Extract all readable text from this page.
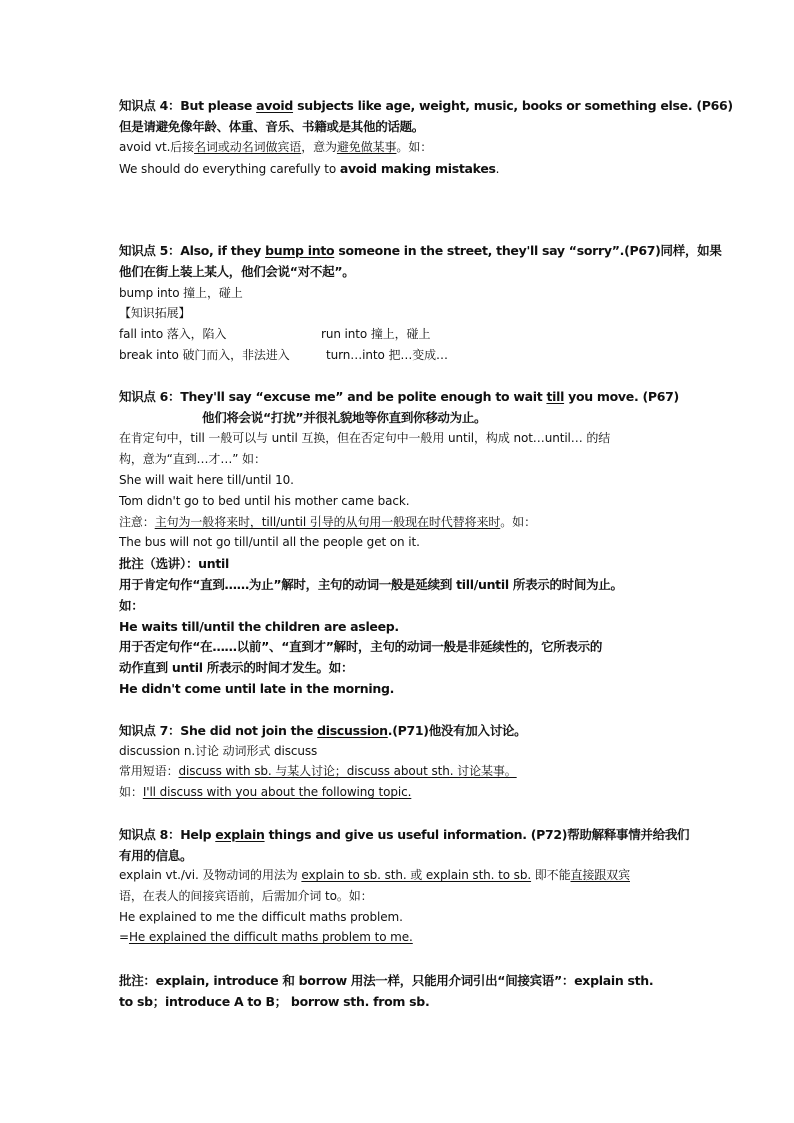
知识点 4：But please avoid subjects like age, weight, music, books or something else. (P66)
但是请避免像年龄、体重、音乐、书籍或是其他的话题。
avoid vt.后接名词或动名词做宾语，意为避免做某事。如：
We should do everything carefully to avoid making mistakes.
知识点 5：Also, if they bump into someone in the street, they'll say “sorry”.(P67)同样，如果
他们在街上装上某人，他们会说“对不起”。
bump into 撞上，碰上
【知识拓展】
fall into 落入，陷入	run into 撞上，碰上
break into 破门而入，非法进入	turn…into 把…变成…
知识点 6：They'll say “excuse me” and be polite enough to wait till you move. (P67)
他们将会说“打扰”并很礼貌地等你直到你移动为止。
在肯定句中，till 一般可以与 until 互换，但在否定句中一般用 until，构成 not…until… 的结
构，意为“直到…才…” 如：
She will wait here till/until 10.
Tom didn't go to bed until his mother came back.
注意：主句为一般将来时，till/until 引导的从句用一般现在时代替将来时。如：
The bus will not go till/until all the people get on it.
批注（选讲）：until
用于肯定句作“直到……为止”解时，主句的动词一般是延续到 till/until 所表示的时间为止。
如：
He waits till/until the children are asleep.
用于否定句作“在……以前”、“直到才”解时，主句的动词一般是非延续性的，它所表示的
动作直到 until 所表示的时间才发生。如：
He didn't come until late in the morning.
知识点 7：She did not join the discussion.(P71)他没有加入讨论。
discussion n.讨论 动词形式 discuss
常用短语：discuss with sb. 与某人讨论；discuss about sth. 讨论某事。
如：I'll discuss with you about the following topic.
知识点 8：Help explain things and give us useful information. (P72)帮助解释事情并给我们
有用的信息。
explain vt./vi. 及物动词的用法为 explain to sb. sth. 或 explain sth. to sb. 即不能直接跟双宾
语，在表人的间接宾语前，后需加介词 to。如：
He explained to me the difficult maths problem.
=He explained the difficult maths problem to me.
批注：explain, introduce 和 borrow 用法一样，只能用介词引出“间接宾语”：explain sth.
to sb；introduce A to B； borrow sth. from sb.
